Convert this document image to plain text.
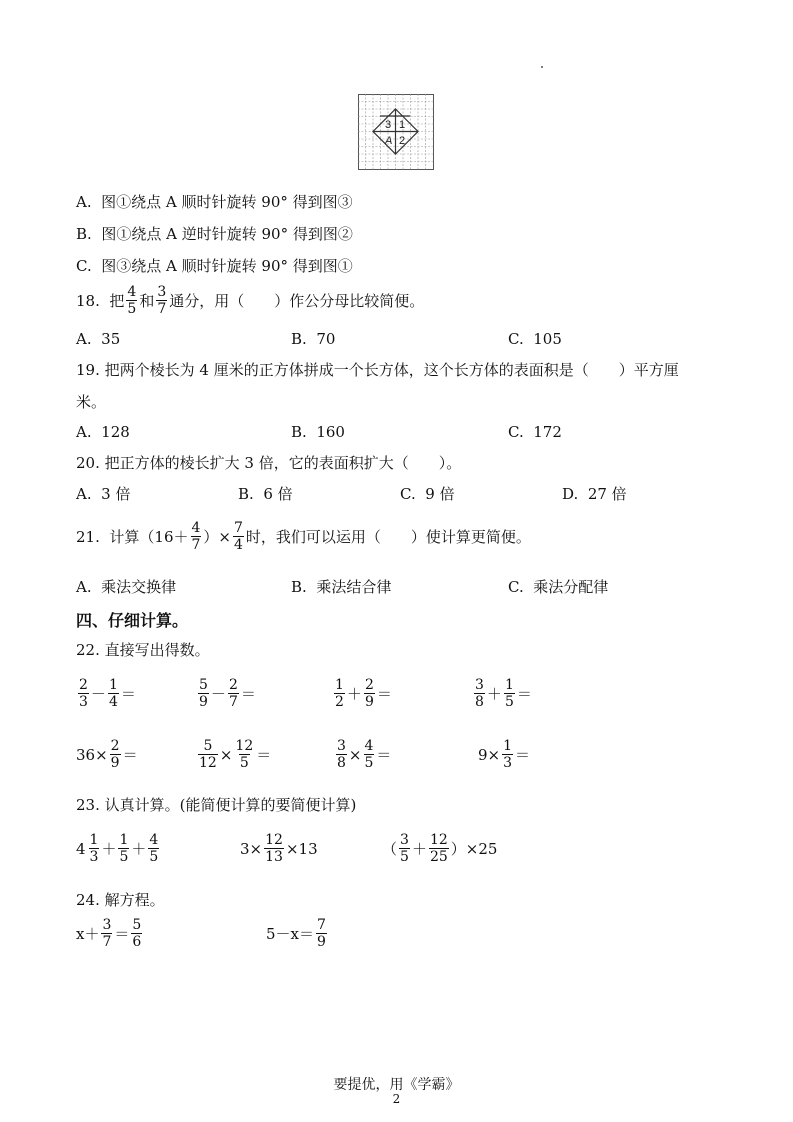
3 1
A 2
A. 图①绕点 A 顺时针旋转 90° 得到图③
B. 图①绕点 A 逆时针旋转 90° 得到图②
C. 图③绕点 A 顺时针旋转 90° 得到图①
18.
把 $\frac{4}{5}$ 和 $\frac{3}{7}$ 通分，用（　　）作公分母比较简便。
A. 35	B. 70	C. 105
19. 把两个棱长为 4 厘米的正方体拼成一个长方体，这个长方体的表面积是（　　）平方厘
米。
A. 128	B. 160	C. 172
20. 把正方体的棱长扩大 3 倍，它的表面积扩大（　　）。
A. 3 倍	B. 6 倍	C. 9 倍	D. 27 倍
21.
计算（$16+ \frac{4}{7}$ ）× $\frac{7}{4}$ 时，我们可以运用（　　）使计算更简便。
A. 乘法交换律	B. 乘法结合律	C. 乘法分配律
四、仔细计算。
22. 直接写出得数。
$\frac{2}{3} - \frac{1}{4}$ ＝	$\frac{5}{9} - \frac{2}{7}$ ＝	$\frac{1}{2} + \frac{2}{9}$ ＝	$\frac{3}{8} + \frac{1}{5}$ ＝
$36\times \frac{2}{9}$ ＝	$\frac{5}{12} \times \frac{12}{5}$ ＝	$\frac{3}{8} \times \frac{4}{5}$ ＝	$9\times \frac{1}{3}$ ＝
23. 认真计算。(能简便计算的要简便计算)
$4 \frac{1}{3} + \frac{1}{5} + \frac{4}{5}$	$3\times \frac{12}{13} \times 13$	（ $\frac{3}{5} + \frac{12}{25} )\times 25$
24. 解方程。
$x+ \frac{3}{7} = \frac{5}{6}$	$5-x= \frac{7}{9}$
要提优，用《学霸》
2
